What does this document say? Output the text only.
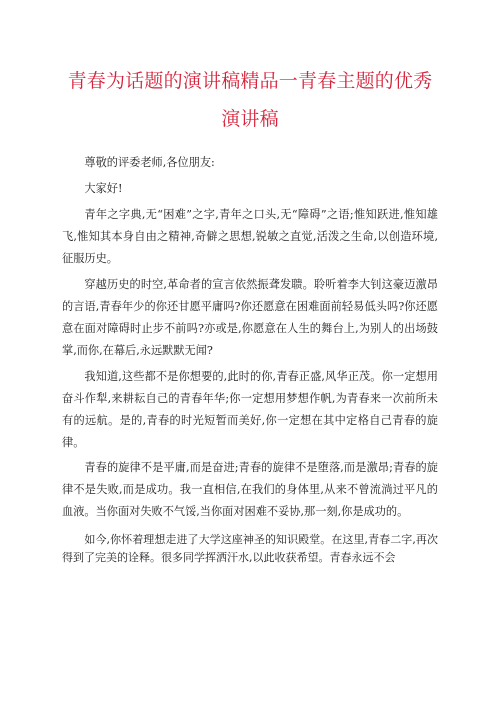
青春为话题的演讲稿精品一青春主题的优秀
演讲稿

尊敬的评委老师,各位朋友:

大家好!

青年之字典,无“困难”之字,青年之口头,无“障碍”之语;惟知跃进,惟知雄飞,惟知其本身自由之精神,奇僻之思想,锐敏之直觉,活泼之生命,以创造环境,征服历史。

穿越历史的时空,革命者的宣言依然振聋发聩。聆听着李大钊这豪迈激昂的言语,青春年少的你还甘愿平庸吗?你还愿意在困难面前轻易低头吗?你还愿意在面对障碍时止步不前吗?亦或是,你愿意在人生的舞台上,为别人的出场鼓掌,而你,在幕后,永远默默无闻?

我知道,这些都不是你想要的,此时的你,青春正盛,风华正茂。你一定想用奋斗作犁,来耕耘自己的青春年华;你一定想用梦想作帆,为青春来一次前所未有的远航。是的,青春的时光短暂而美好,你一定想在其中定格自己青春的旋律。

青春的旋律不是平庸,而是奋进;青春的旋律不是堕落,而是激昂;青春的旋律不是失败,而是成功。我一直相信,在我们的身体里,从来不曾流淌过平凡的血液。当你面对失败不气馁,当你面对困难不妥协,那一刻,你是成功的。

如今,你怀着理想走进了大学这座神圣的知识殿堂。在这里,青春二字,再次得到了完美的诠释。很多同学挥洒汗水,以此收获希望。青春永远不会
